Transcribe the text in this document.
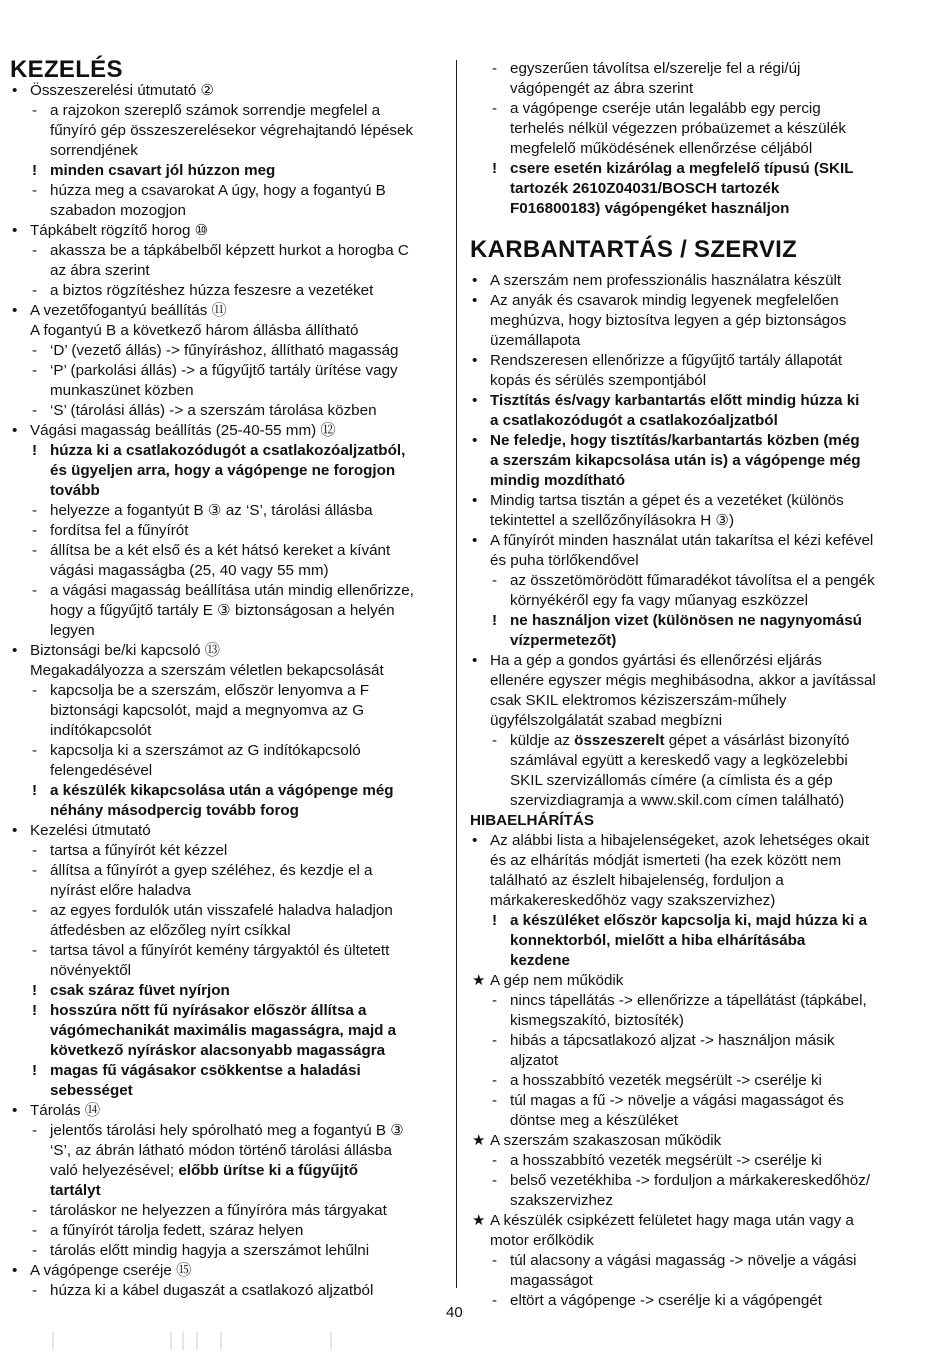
KEZELÉS
• Összeszerelési útmutató ②
- a rajzokon szereplő számok sorrendje megfelel a
fűnyíró gép összeszerelésekor végrehajtandó lépések
sorrendjének
! minden csavart jól húzzon meg
- húzza meg a csavarokat A úgy, hogy a fogantyú B
szabadon mozogjon
• Tápkábelt rögzítő horog ⑩
- akassza be a tápkábelből képzett hurkot a horogba C
az ábra szerint
- a biztos rögzítéshez húzza feszesre a vezetéket
• A vezetőfogantyú beállítás ⑪
A fogantyú B a következő három állásba állítható
- ‘D’ (vezető állás) -> fűnyíráshoz, állítható magasság
- ‘P’ (parkolási állás) -> a fűgyűjtő tartály ürítése vagy
munkaszünet közben
- ‘S’ (tárolási állás) -> a szerszám tárolása közben
• Vágási magasság beállítás (25-40-55 mm) ⑫
! húzza ki a csatlakozódugót a csatlakozóaljzatból,
és ügyeljen arra, hogy a vágópenge ne forogjon
tovább
- helyezze a fogantyút B ③ az ‘S’, tárolási állásba
- fordítsa fel a fűnyírót
- állítsa be a két első és a két hátsó kereket a kívánt
vágási magasságba (25, 40 vagy 55 mm)
- a vágási magasság beállítása után mindig ellenőrizze,
hogy a fűgyűjtő tartály E ③ biztonságosan a helyén
legyen
• Biztonsági be/ki kapcsoló ⑬
Megakadályozza a szerszám véletlen bekapcsolását
- kapcsolja be a szerszám, először lenyomva a F
biztonsági kapcsolót, majd a megnyomva az G
indítókapcsolót
- kapcsolja ki a szerszámot az G indítókapcsoló
felengedésével
! a készülék kikapcsolása után a vágópenge még
néhány másodpercig tovább forog
• Kezelési útmutató
- tartsa a fűnyírót két kézzel
- állítsa a fűnyírót a gyep széléhez, és kezdje el a
nyírást előre haladva
- az egyes fordulók után visszafelé haladva haladjon
átfedésben az előzőleg nyírt csíkkal
- tartsa távol a fűnyírót kemény tárgyaktól és ültetett
növényektől
! csak száraz füvet nyírjon
! hosszúra nőtt fű nyírásakor először állítsa a
vágómechanikát maximális magasságra, majd a
következő nyíráskor alacsonyabb magasságra
! magas fű vágásakor csökkentse a haladási
sebességet
• Tárolás ⑭
- jelentős tárolási hely spórolható meg a fogantyú B ③
‘S’, az ábrán látható módon történő tárolási állásba
való helyezésével; előbb ürítse ki a fűgyűjtő
tartályt
- tároláskor ne helyezzen a fűnyíróra más tárgyakat
- a fűnyírót tárolja fedett, száraz helyen
- tárolás előtt mindig hagyja a szerszámot lehűlni
• A vágópenge cseréje ⑮
- húzza ki a kábel dugaszát a csatlakozó aljzatból
KARBANTARTÁS / SZERVIZ
- egyszerűen távolítsa el/szerelje fel a régi/új
vágópengét az ábra szerint
- a vágópenge cseréje után legalább egy percig
terhelés nélkül végezzen próbaüzemet a készülék
megfelelő működésének ellenőrzése céljából
! csere esetén kizárólag a megfelelő típusú (SKIL
tartozék 2610Z04031/BOSCH tartozék
F016800183) vágópengéket használjon
• A szerszám nem professzionális használatra készült
• Az anyák és csavarok mindig legyenek megfelelően
meghúzva, hogy biztosítva legyen a gép biztonságos
üzemállapota
• Rendszeresen ellenőrizze a fűgyűjtő tartály állapotát
kopás és sérülés szempontjából
• Tisztítás és/vagy karbantartás előtt mindig húzza ki
a csatlakozódugót a csatlakozóaljzatból
• Ne feledje, hogy tisztítás/karbantartás közben (még
a szerszám kikapcsolása után is) a vágópenge még
mindig mozdítható
• Mindig tartsa tisztán a gépet és a vezetéket (különös
tekintettel a szellőzőnyílásokra H ③)
• A fűnyírót minden használat után takarítsa el kézi kefével
és puha törlőkendővel
- az összetömörödött fűmaradékot távolítsa el a pengék
környékéről egy fa vagy műanyag eszközzel
! ne használjon vizet (különösen ne nagynyomású
vízpermetezőt)
• Ha a gép a gondos gyártási és ellenőrzési eljárás
ellenére egyszer mégis meghibásodna, akkor a javítással
csak SKIL elektromos kéziszerszám-műhely
ügyfélszolgálatát szabad megbízni
- küldje az összeszerelt gépet a vásárlást bizonyító
számlával együtt a kereskedő vagy a legközelebbi
SKIL szervizállomás címére (a címlista és a gép
szervizdiagramja a www.skil.com címen található)
HIBAELHÁRÍTÁS
• Az alábbi lista a hibajelenségeket, azok lehetséges okait
és az elhárítás módját ismerteti (ha ezek között nem
található az észlelt hibajelenség, forduljon a
márkakereskedőhöz vagy szakszervizhez)
! a készüléket először kapcsolja ki, majd húzza ki a
konnektorból, mielőtt a hiba elhárításába
kezdene
★ A gép nem működik
- nincs tápellátás -> ellenőrizze a tápellátást (tápkábel,
kismegszakító, biztosíték)
- hibás a tápcsatlakozó aljzat -> használjon másik
aljzatot
- a hosszabbító vezeték megsérült -> cserélje ki
- túl magas a fű -> növelje a vágási magasságot és
döntse meg a készüléket
★ A szerszám szakaszosan működik
- a hosszabbító vezeték megsérült -> cserélje ki
- belső vezetékhiba -> forduljon a márkakereskedőhöz/
szakszervizhez
★ A készülék csipkézett felületet hagy maga után vagy a
motor erőlködik
- túl alacsony a vágási magasság -> növelje a vágási
magasságot
- eltört a vágópenge -> cserélje ki a vágópengét
40
